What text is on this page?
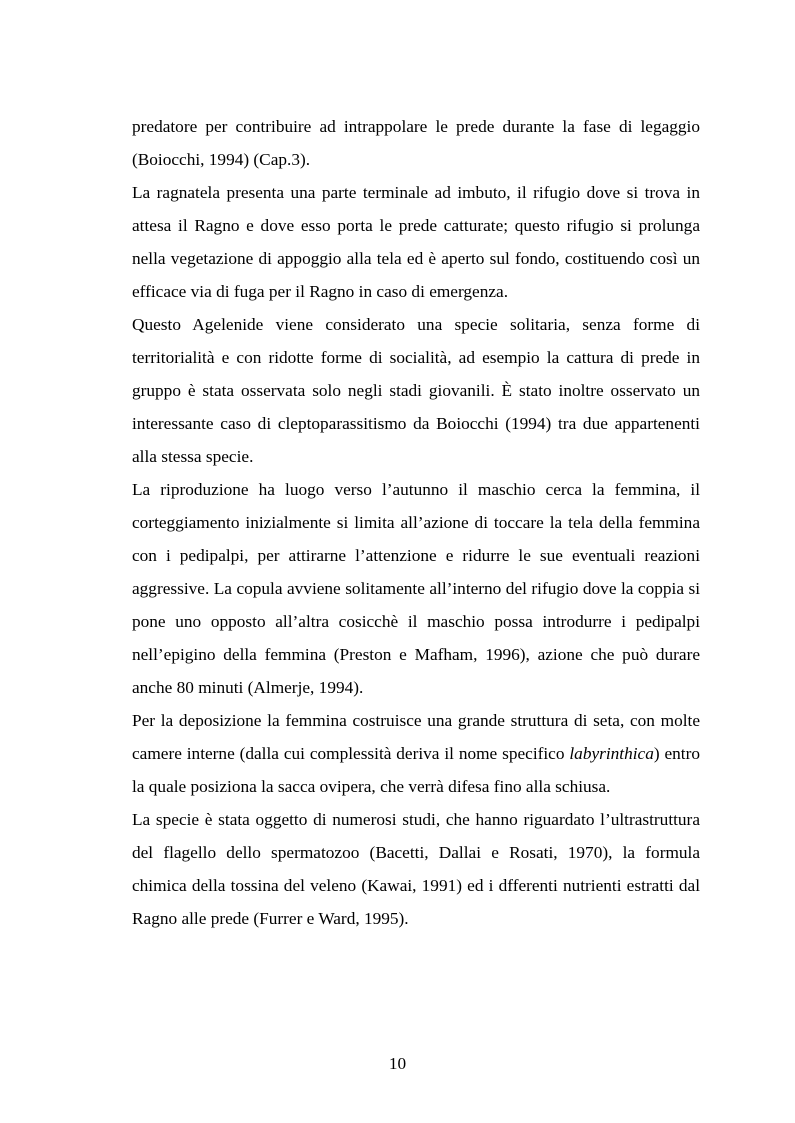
predatore per contribuire ad intrappolare le prede durante la fase di legaggio (Boiocchi, 1994) (Cap.3).

La ragnatela presenta una parte terminale ad imbuto, il rifugio dove si trova in attesa il Ragno e dove esso porta le prede catturate; questo rifugio si prolunga nella vegetazione di appoggio alla tela ed è aperto sul fondo, costituendo così un efficace via di fuga per il Ragno in caso di emergenza.

Questo Agelenide viene considerato una specie solitaria, senza forme di territorialità e con ridotte forme di socialità, ad esempio la cattura di prede in gruppo è stata osservata solo negli stadi giovanili. È stato inoltre osservato un interessante caso di cleptoparassitismo da Boiocchi (1994) tra due appartenenti alla stessa specie.

La riproduzione ha luogo verso l’autunno il maschio cerca la femmina, il corteggiamento inizialmente si limita all’azione di toccare la tela della femmina con i pedipalpi, per attirarne l’attenzione e ridurre le sue eventuali reazioni aggressive. La copula avviene solitamente all’interno del rifugio dove la coppia si pone uno opposto all’altra cosicchè il maschio possa introdurre i pedipalpi nell’epigino della femmina (Preston e Mafham, 1996), azione che può durare anche 80 minuti (Almerje, 1994).

Per la deposizione la femmina costruisce una grande struttura di seta, con molte camere interne (dalla cui complessità deriva il nome specifico labyrinthica) entro la quale posiziona la sacca ovipera, che verrà difesa fino alla schiusa.

La specie è stata oggetto di numerosi studi, che hanno riguardato l’ultrastruttura del flagello dello spermatozoo (Bacetti, Dallai e Rosati, 1970), la formula chimica della tossina del veleno (Kawai, 1991) ed i dfferenti nutrienti estratti dal Ragno alle prede (Furrer e Ward, 1995).

10
